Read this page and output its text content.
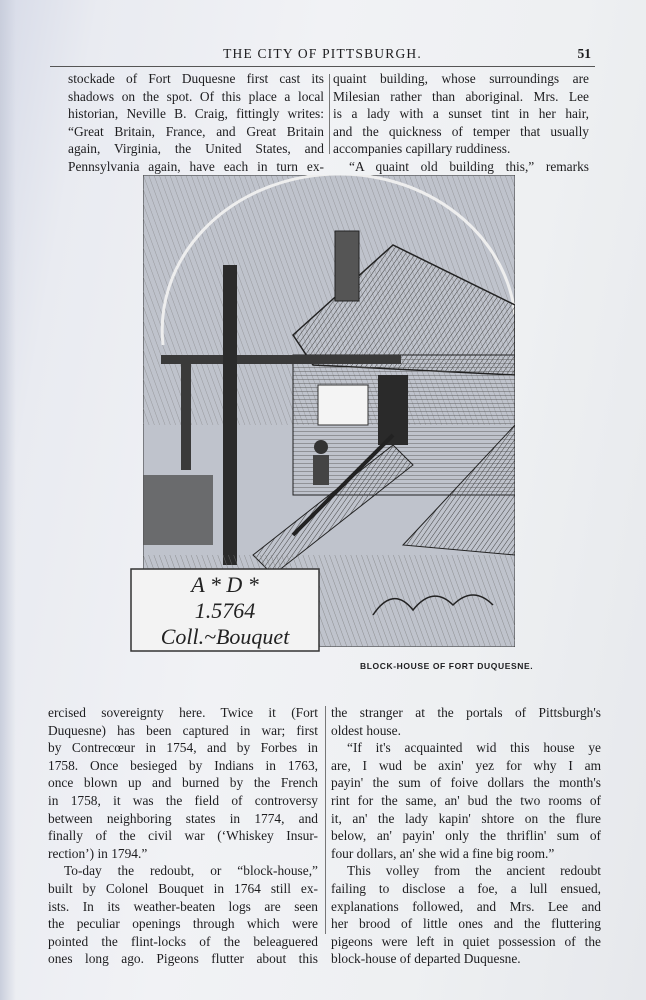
THE CITY OF PITTSBURGH.	51
stockade of Fort Duquesne first cast its
shadows on the spot. Of this place a local
historian, Neville B. Craig, fittingly writes:
“Great Britain, France, and Great Britain
again, Virginia, the United States, and
Pennsylvania again, have each in turn ex-
quaint building, whose surroundings are
Milesian rather than aboriginal. Mrs. Lee
is a lady with a sunset tint in her hair,
and the quickness of temper that usually
accompanies capillary ruddiness.
“A quaint old building this,” remarks
A * D *
1.5764
Coll.~Bouquet
BLOCK-HOUSE OF FORT DUQUESNE.
ercised sovereignty here. Twice it (Fort
Duquesne) has been captured in war; first
by Contrecœur in 1754, and by Forbes in
1758. Once besieged by Indians in 1763,
once blown up and burned by the French
in 1758, it was the field of controversy
between neighboring states in 1774, and
finally of the civil war (‘Whiskey Insur-
rection’) in 1794.”
To-day the redoubt, or “block-house,”
built by Colonel Bouquet in 1764 still ex-
ists. In its weather-beaten logs are seen
the peculiar openings through which were
pointed the flint-locks of the beleaguered
ones long ago. Pigeons flutter about this
the stranger at the portals of Pittsburgh's
oldest house.
“If it's acquainted wid this house ye
are, I wud be axin' yez for why I am
payin' the sum of foive dollars the month's
rint for the same, an' bud the two rooms of
it, an' the lady kapin' shtore on the flure
below, an' payin' only the thriflin' sum of
four dollars, an' she wid a fine big room.”
This volley from the ancient redoubt
failing to disclose a foe, a lull ensued,
explanations followed, and Mrs. Lee and
her brood of little ones and the fluttering
pigeons were left in quiet possession of the
block-house of departed Duquesne.
